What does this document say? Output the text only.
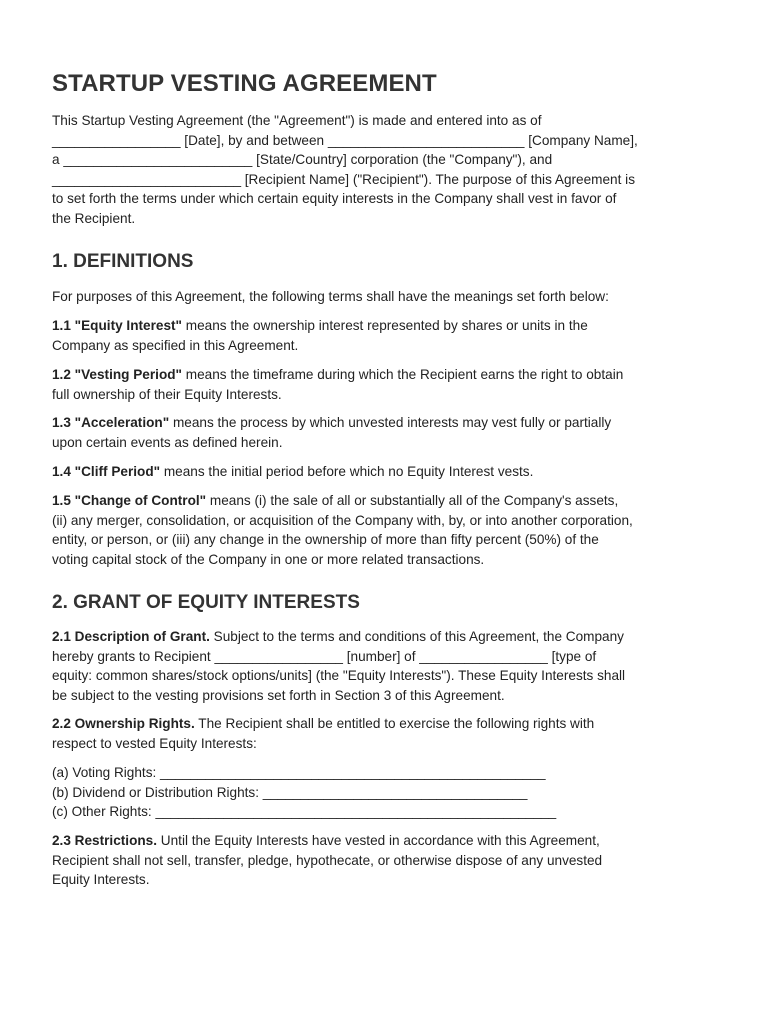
STARTUP VESTING AGREEMENT

This Startup Vesting Agreement (the "Agreement") is made and entered into as of
_________________ [Date], by and between __________________________ [Company Name],
a _________________________ [State/Country] corporation (the "Company"), and
_________________________ [Recipient Name] ("Recipient"). The purpose of this Agreement is
to set forth the terms under which certain equity interests in the Company shall vest in favor of
the Recipient.

1. DEFINITIONS

For purposes of this Agreement, the following terms shall have the meanings set forth below:

1.1 "Equity Interest" means the ownership interest represented by shares or units in the
Company as specified in this Agreement.

1.2 "Vesting Period" means the timeframe during which the Recipient earns the right to obtain
full ownership of their Equity Interests.

1.3 "Acceleration" means the process by which unvested interests may vest fully or partially
upon certain events as defined herein.

1.4 "Cliff Period" means the initial period before which no Equity Interest vests.

1.5 "Change of Control" means (i) the sale of all or substantially all of the Company's assets,
(ii) any merger, consolidation, or acquisition of the Company with, by, or into another corporation,
entity, or person, or (iii) any change in the ownership of more than fifty percent (50%) of the
voting capital stock of the Company in one or more related transactions.

2. GRANT OF EQUITY INTERESTS

2.1 Description of Grant. Subject to the terms and conditions of this Agreement, the Company
hereby grants to Recipient _________________ [number] of _________________ [type of
equity: common shares/stock options/units] (the "Equity Interests"). These Equity Interests shall
be subject to the vesting provisions set forth in Section 3 of this Agreement.

2.2 Ownership Rights. The Recipient shall be entitled to exercise the following rights with
respect to vested Equity Interests:

(a) Voting Rights: ___________________________________________________
(b) Dividend or Distribution Rights: ___________________________________
(c) Other Rights: _____________________________________________________

2.3 Restrictions. Until the Equity Interests have vested in accordance with this Agreement,
Recipient shall not sell, transfer, pledge, hypothecate, or otherwise dispose of any unvested
Equity Interests.
